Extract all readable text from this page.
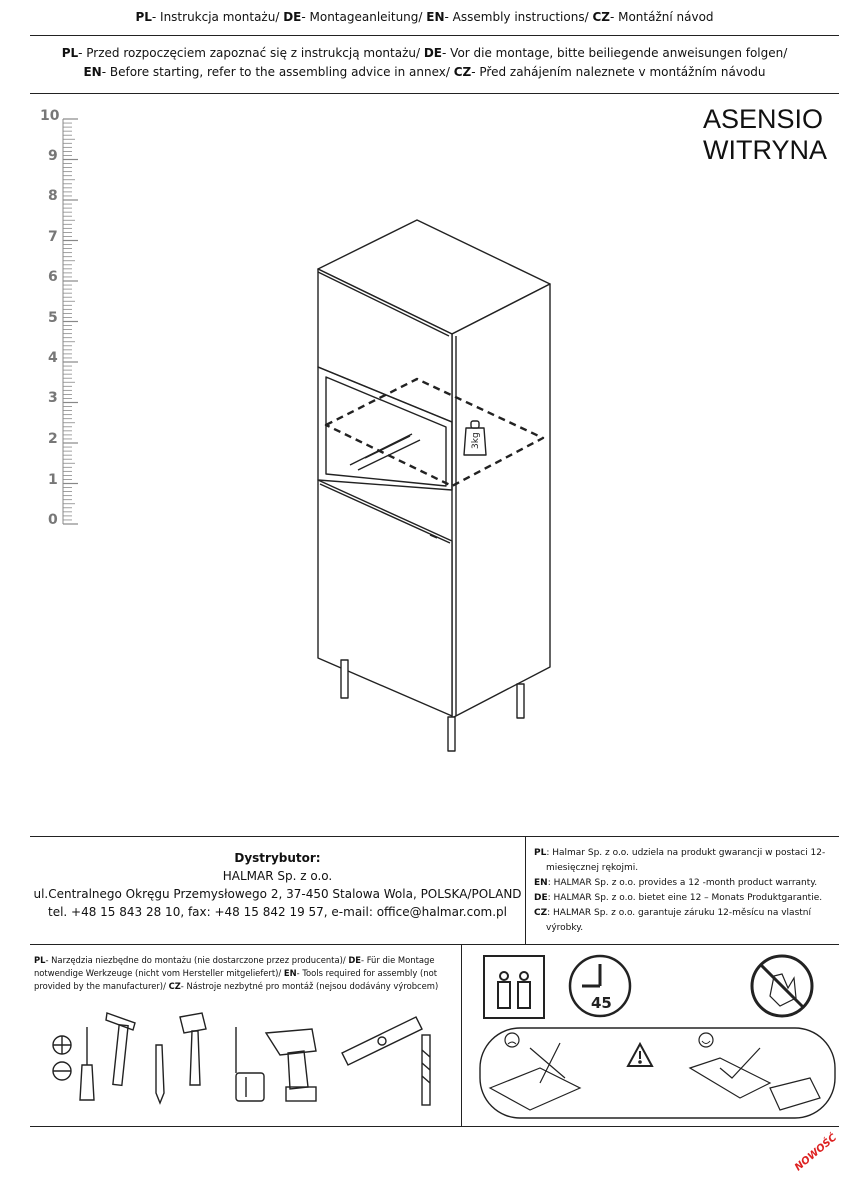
PL- Instrukcja montażu/ DE- Montageanleitung/ EN- Assembly instructions/ CZ- Montážní návod
PL- Przed rozpoczęciem zapoznać się z instrukcją montażu/ DE- Vor die montage, bitte beiliegende anweisungen folgen/
EN- Before starting, refer to the assembling advice in annex/ CZ- Před zahájením naleznete v montážním návodu
ASENSIO
WITRYNA
10
9
8
7
6
5
4
3
2
1
0
3kg
Dystrybutor:
HALMAR Sp. z o.o.
ul.Centralnego Okręgu Przemysłowego 2, 37-450 Stalowa Wola, POLSKA/POLAND
tel. +48 15 843 28 10, fax: +48 15 842 19 57, e-mail: office@halmar.com.pl

PL: Halmar Sp. z o.o. udziela na produkt gwarancji w postaci 12-miesięcznej rękojmi.

EN: HALMAR Sp. z o.o. provides a 12 -month product warranty.

DE: HALMAR Sp. z o.o. bietet eine 12 – Monats Produktgarantie.

CZ: HALMAR Sp. z o.o. garantuje záruku 12-měsícu na vlastní výrobky.

PL- Narzędzia niezbędne do montażu (nie dostarczone przez producenta)/ DE- Für die Montage notwendige Werkzeuge (nicht vom Hersteller mitgeliefert)/ EN- Tools required for assembly (not provided by the manufacturer)/ CZ- Nástroje nezbytné pro montáž (nejsou dodávány výrobcem)
45
NOWOŚĆ
